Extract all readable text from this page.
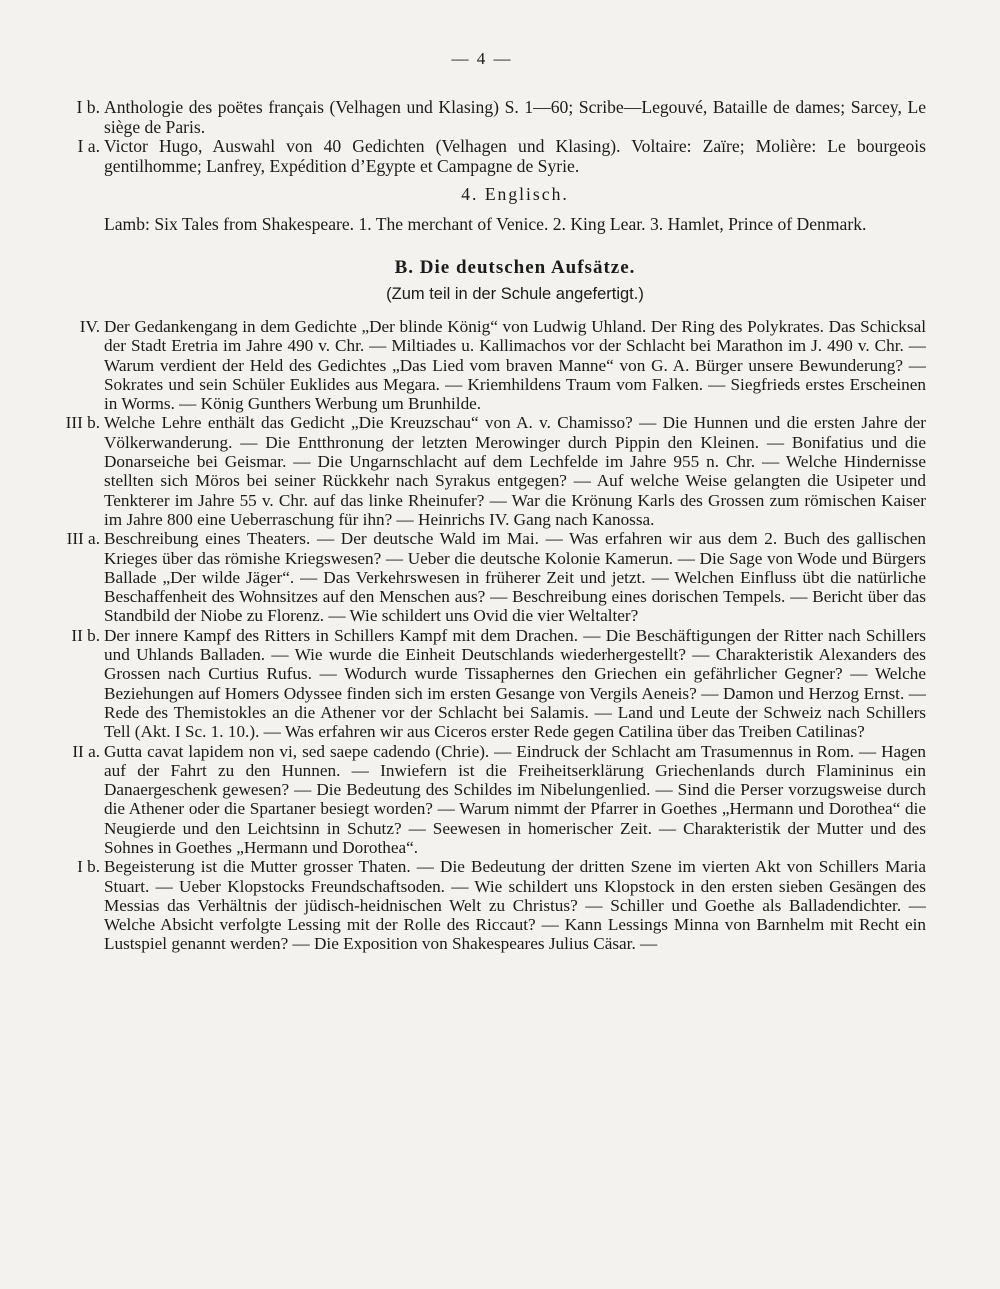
— 4 —
I b. Anthologie des poëtes français (Velhagen und Klasing) S. 1—60; Scribe—Legouvé, Bataille de dames; Sarcey, Le siège de Paris.
I a. Victor Hugo, Auswahl von 40 Gedichten (Velhagen und Klasing). Voltaire: Zaïre; Molière: Le bourgeois gentilhomme; Lanfrey, Expédition d’Egypte et Campagne de Syrie.
4. Englisch.
Lamb: Six Tales from Shakespeare. 1. The merchant of Venice. 2. King Lear. 3. Hamlet, Prince of Denmark.
B. Die deutschen Aufsätze.
(Zum teil in der Schule angefertigt.)
IV. Der Gedankengang in dem Gedichte „Der blinde König“ von Ludwig Uhland. Der Ring des Polykrates. Das Schicksal der Stadt Eretria im Jahre 490 v. Chr. — Miltiades u. Kallimachos vor der Schlacht bei Marathon im J. 490 v. Chr. — Warum verdient der Held des Gedichtes „Das Lied vom braven Manne“ von G. A. Bürger unsere Bewunderung? — Sokrates und sein Schüler Euklides aus Megara. — Kriemhildens Traum vom Falken. — Siegfrieds erstes Erscheinen in Worms. — König Gunthers Werbung um Brunhilde.
III b. Welche Lehre enthält das Gedicht „Die Kreuzschau“ von A. v. Chamisso? — Die Hunnen und die ersten Jahre der Völkerwanderung. — Die Entthronung der letzten Merowinger durch Pippin den Kleinen. — Bonifatius und die Donarseiche bei Geismar. — Die Ungarnschlacht auf dem Lechfelde im Jahre 955 n. Chr. — Welche Hindernisse stellten sich Möros bei seiner Rückkehr nach Syrakus entgegen? — Auf welche Weise gelangten die Usipeter und Tenkterer im Jahre 55 v. Chr. auf das linke Rheinufer? — War die Krönung Karls des Grossen zum römischen Kaiser im Jahre 800 eine Ueberraschung für ihn? — Heinrichs IV. Gang nach Kanossa.
III a. Beschreibung eines Theaters. — Der deutsche Wald im Mai. — Was erfahren wir aus dem 2. Buch des gallischen Krieges über das römishe Kriegswesen? — Ueber die deutsche Kolonie Kamerun. — Die Sage von Wode und Bürgers Ballade „Der wilde Jäger“. — Das Verkehrswesen in früherer Zeit und jetzt. — Welchen Einfluss übt die natürliche Beschaffenheit des Wohnsitzes auf den Menschen aus? — Beschreibung eines dorischen Tempels. — Bericht über das Standbild der Niobe zu Florenz. — Wie schildert uns Ovid die vier Weltalter?
II b. Der innere Kampf des Ritters in Schillers Kampf mit dem Drachen. — Die Beschäftigungen der Ritter nach Schillers und Uhlands Balladen. — Wie wurde die Einheit Deutschlands wiederhergestellt? — Charakteristik Alexanders des Grossen nach Curtius Rufus. — Wodurch wurde Tissaphernes den Griechen ein gefährlicher Gegner? — Welche Beziehungen auf Homers Odyssee finden sich im ersten Gesange von Vergils Aeneis? — Damon und Herzog Ernst. — Rede des Themistokles an die Athener vor der Schlacht bei Salamis. — Land und Leute der Schweiz nach Schillers Tell (Akt. I Sc. 1. 10.). — Was erfahren wir aus Ciceros erster Rede gegen Catilina über das Treiben Catilinas?
II a. Gutta cavat lapidem non vi, sed saepe cadendo (Chrie). — Eindruck der Schlacht am Trasumennus in Rom. — Hagen auf der Fahrt zu den Hunnen. — Inwiefern ist die Freiheitserklärung Griechenlands durch Flamininus ein Danaergeschenk gewesen? — Die Bedeutung des Schildes im Nibelungenlied. — Sind die Perser vorzugsweise durch die Athener oder die Spartaner besiegt worden? — Warum nimmt der Pfarrer in Goethes „Hermann und Dorothea“ die Neugierde und den Leichtsinn in Schutz? — Seewesen in homerischer Zeit. — Charakteristik der Mutter und des Sohnes in Goethes „Hermann und Dorothea“.
I b. Begeisterung ist die Mutter grosser Thaten. — Die Bedeutung der dritten Szene im vierten Akt von Schillers Maria Stuart. — Ueber Klopstocks Freundschaftsoden. — Wie schildert uns Klopstock in den ersten sieben Gesängen des Messias das Verhältnis der jüdisch-heidnischen Welt zu Christus? — Schiller und Goethe als Balladendichter. — Welche Absicht verfolgte Lessing mit der Rolle des Riccaut? — Kann Lessings Minna von Barnhelm mit Recht ein Lustspiel genannt werden? — Die Exposition von Shakespeares Julius Cäsar. —
